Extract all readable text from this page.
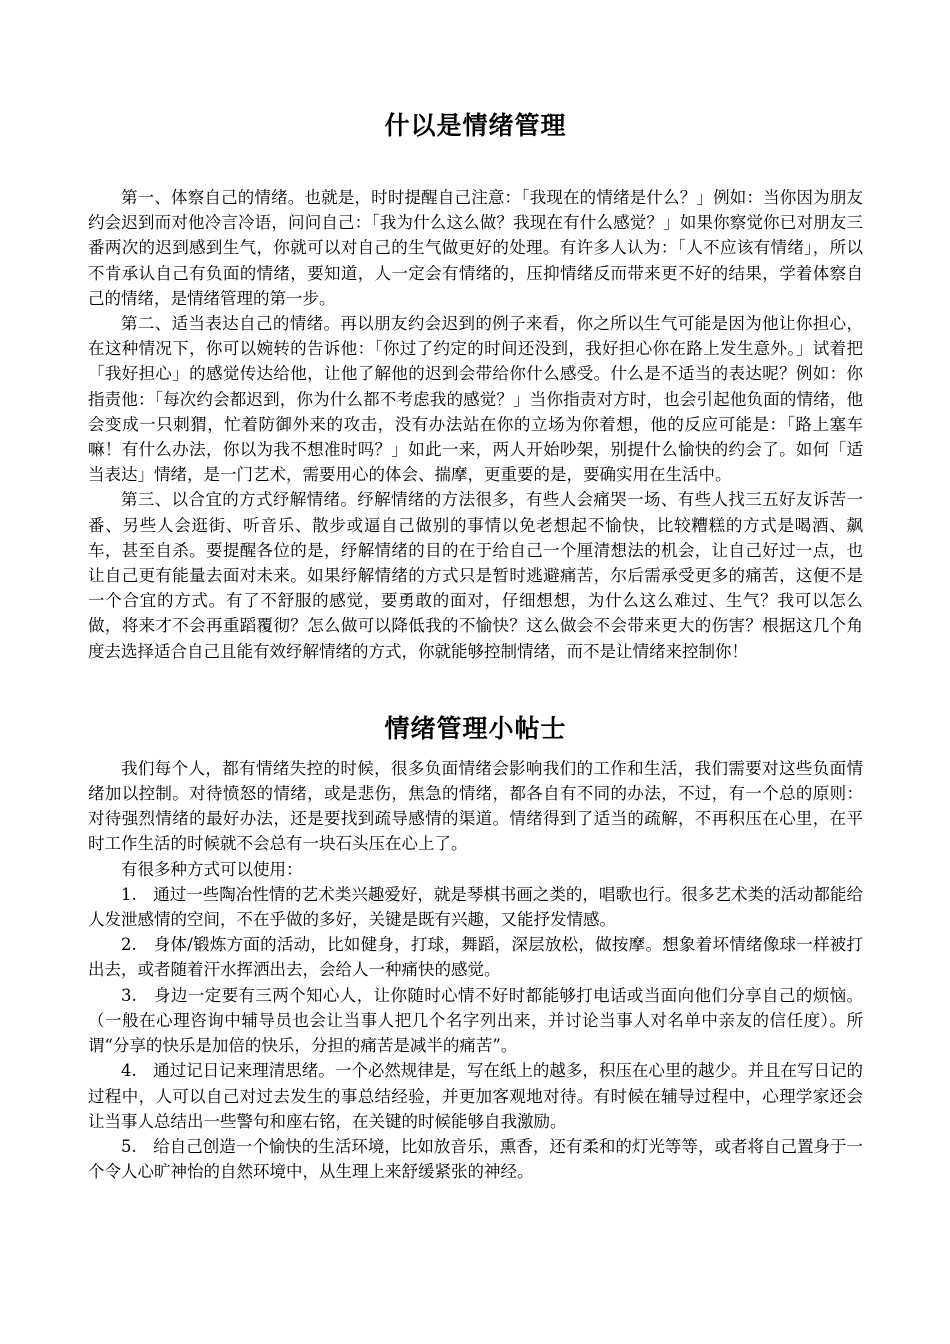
什以是情绪管理

第一、体察自己的情绪。也就是，时时提醒自己注意：「我现在的情绪是什么？」例如：当你因为朋友约会迟到而对他冷言冷语，问问自己：「我为什么这么做？我现在有什么感觉？」如果你察觉你已对朋友三番两次的迟到感到生气，你就可以对自己的生气做更好的处理。有许多人认为：「人不应该有情绪」，所以不肯承认自己有负面的情绪，要知道，人一定会有情绪的，压抑情绪反而带来更不好的结果，学着体察自己的情绪，是情绪管理的第一步。

第二、适当表达自己的情绪。再以朋友约会迟到的例子来看，你之所以生气可能是因为他让你担心，在这种情况下，你可以婉转的告诉他：「你过了约定的时间还没到，我好担心你在路上发生意外。」试着把「我好担心」的感觉传达给他，让他了解他的迟到会带给你什么感受。什么是不适当的表达呢？例如：你指责他：「每次约会都迟到，你为什么都不考虑我的感觉？」当你指责对方时，也会引起他负面的情绪，他会变成一只刺猬，忙着防御外来的攻击，没有办法站在你的立场为你着想，他的反应可能是：「路上塞车嘛！有什么办法，你以为我不想准时吗？」如此一来，两人开始吵架，别提什么愉快的约会了。如何「适当表达」情绪，是一门艺术，需要用心的体会、揣摩，更重要的是，要确实用在生活中。

第三、以合宜的方式纾解情绪。纾解情绪的方法很多，有些人会痛哭一场、有些人找三五好友诉苦一番、另些人会逛街、听音乐、散步或逼自己做别的事情以免老想起不愉快，比较糟糕的方式是喝酒、飙车，甚至自杀。要提醒各位的是，纾解情绪的目的在于给自己一个厘清想法的机会，让自己好过一点，也让自己更有能量去面对未来。如果纾解情绪的方式只是暂时逃避痛苦，尔后需承受更多的痛苦，这便不是一个合宜的方式。有了不舒服的感觉，要勇敢的面对，仔细想想，为什么这么难过、生气？我可以怎么做，将来才不会再重蹈覆彻？怎么做可以降低我的不愉快？这么做会不会带来更大的伤害？根据这几个角度去选择适合自己且能有效纾解情绪的方式，你就能够控制情绪，而不是让情绪来控制你！

情绪管理小帖士

我们每个人，都有情绪失控的时候，很多负面情绪会影响我们的工作和生活，我们需要对这些负面情绪加以控制。对待愤怒的情绪，或是悲伤，焦急的情绪，都各自有不同的办法，不过，有一个总的原则：对待强烈情绪的最好办法，还是要找到疏导感情的渠道。情绪得到了适当的疏解，不再积压在心里，在平时工作生活的时候就不会总有一块石头压在心上了。

有很多种方式可以使用：

1.　通过一些陶冶性情的艺术类兴趣爱好，就是琴棋书画之类的，唱歌也行。很多艺术类的活动都能给人发泄感情的空间，不在乎做的多好，关键是既有兴趣，又能抒发情感。

2.　身体/锻炼方面的活动，比如健身，打球，舞蹈，深层放松，做按摩。想象着坏情绪像球一样被打出去，或者随着汗水挥洒出去，会给人一种痛快的感觉。

3.　身边一定要有三两个知心人，让你随时心情不好时都能够打电话或当面向他们分享自己的烦恼。（一般在心理咨询中辅导员也会让当事人把几个名字列出来，并讨论当事人对名单中亲友的信任度）。所谓“分享的快乐是加倍的快乐，分担的痛苦是减半的痛苦”。

4.　通过记日记来理清思绪。一个必然规律是，写在纸上的越多，积压在心里的越少。并且在写日记的过程中，人可以自己对过去发生的事总结经验，并更加客观地对待。有时候在辅导过程中，心理学家还会让当事人总结出一些警句和座右铭，在关键的时候能够自我激励。

5.　给自己创造一个愉快的生活环境，比如放音乐，熏香，还有柔和的灯光等等，或者将自己置身于一个令人心旷神怡的自然环境中，从生理上来舒缓紧张的神经。
